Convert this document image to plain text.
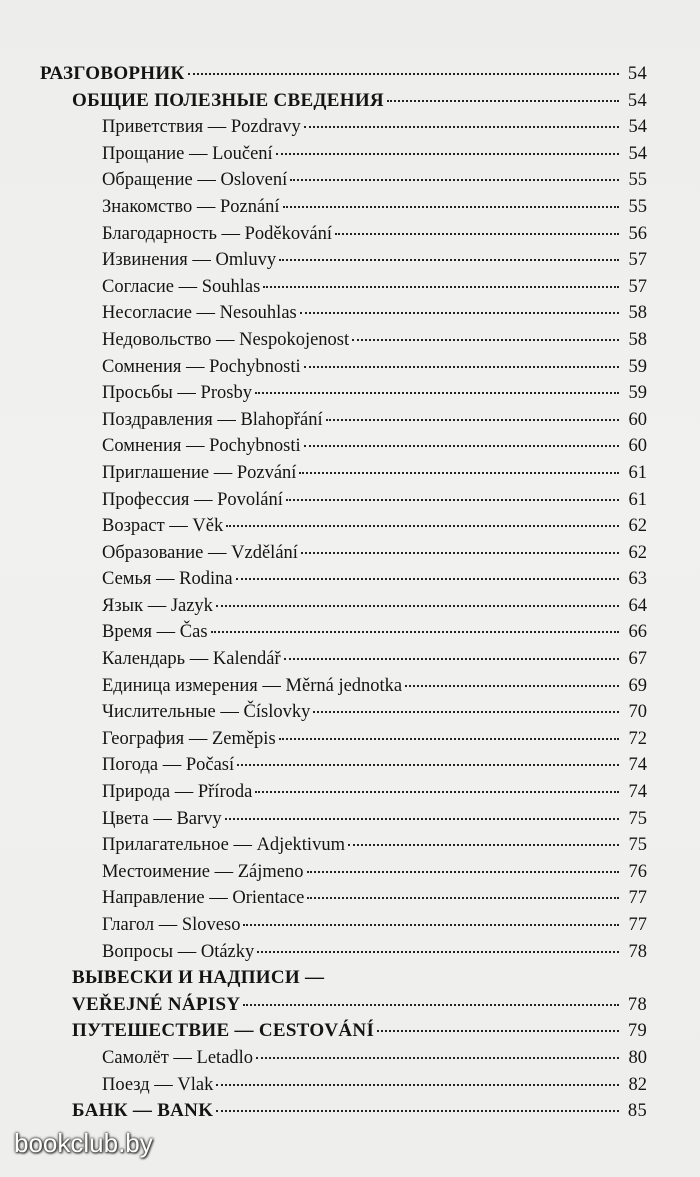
РАЗГОВОРНИК	54
ОБЩИЕ ПОЛЕЗНЫЕ СВЕДЕНИЯ	54
Приветствия — Pozdravy	54
Прощание — Loučení	54
Обращение — Oslovení	55
Знакомство — Poznání	55
Благодарность — Poděkování	56
Извинения — Omluvy	57
Согласие — Souhlas	57
Несогласие — Nesouhlas	58
Недовольство — Nespokojenost	58
Сомнения — Pochybnosti	59
Просьбы — Prosby	59
Поздравления — Blahopřání	60
Сомнения — Pochybnosti	60
Приглашение — Pozvání	61
Профессия — Povolání	61
Возраст — Věk	62
Образование — Vzdělání	62
Семья — Rodina	63
Язык — Jazyk	64
Время — Čas	66
Календарь — Kalendář	67
Единица измерения — Měrná jednotka	69
Числительные — Číslovky	70
География — Zeměpis	72
Погода — Počasí	74
Природа — Příroda	74
Цвета — Barvy	75
Прилагательное — Adjektivum	75
Местоимение — Zájmeno	76
Направление — Orientace	77
Глагол — Sloveso	77
Вопросы — Otázky	78
ВЫВЕСКИ И НАДПИСИ —
VEŘEJNÉ NÁPISY	78
ПУТЕШЕСТВИЕ — CESTOVÁNÍ	79
Самолёт — Letadlo	80
Поезд — Vlak	82
БАНК — BANK	85
bookclub.by
